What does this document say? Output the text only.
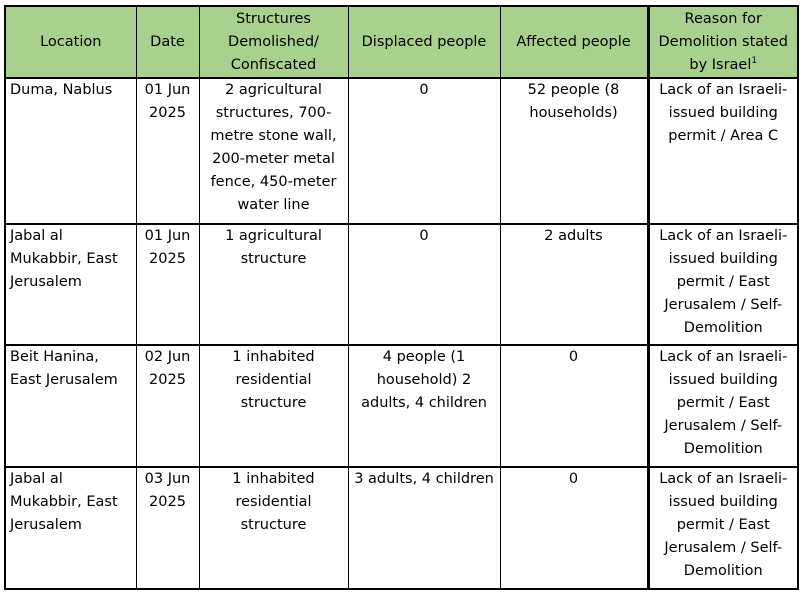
Location	Date	Structures Demolished/ Confiscated	Displaced people	Affected people	Reason for Demolition stated by Israel$^1$
Duma, Nablus	01 Jun 2025	2 agricultural structures, 700-metre stone wall, 200-meter metal fence, 450-meter water line	0	52 people (8 households)	Lack of an Israeli-issued building permit / Area C
Jabal al Mukabbir, East Jerusalem	01 Jun 2025	1 agricultural structure	0	2 adults	Lack of an Israeli-issued building permit / East Jerusalem / Self-Demolition
Beit Hanina, East Jerusalem	02 Jun 2025	1 inhabited residential structure	4 people (1 household) 2 adults, 4 children	0	Lack of an Israeli-issued building permit / East Jerusalem / Self-Demolition
Jabal al Mukabbir, East Jerusalem	03 Jun 2025	1 inhabited residential structure	3 adults, 4 children	0	Lack of an Israeli-issued building permit / East Jerusalem / Self-Demolition
